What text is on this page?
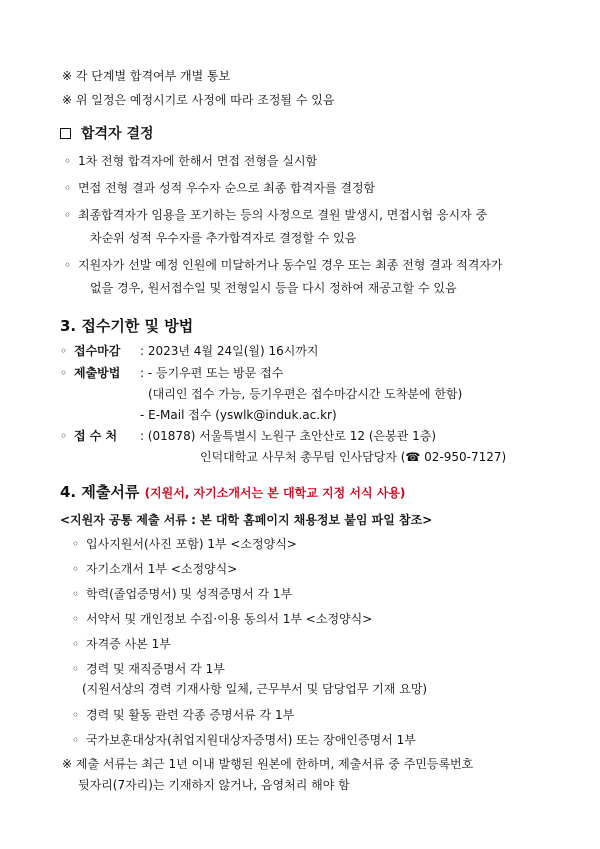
※ 각 단계별 합격여부 개별 통보
※ 위 일정은 예정시기로 사정에 따라 조정될 수 있음
합격자 결정
◦ 1차 전형 합격자에 한해서 면접 전형을 실시함
◦ 면접 전형 결과 성적 우수자 순으로 최종 합격자를 결정함
◦ 최종합격자가 임용을 포기하는 등의 사정으로 결원 발생시, 면접시험 응시자 중
차순위 성적 우수자를 추가합격자로 결정할 수 있음
◦ 지원자가 선발 예정 인원에 미달하거나 동수일 경우 또는 최종 전형 결과 적격자가
없을 경우, 원서접수일 및 전형일시 등을 다시 정하여 재공고할 수 있음
3. 접수기한 및 방법
◦ 접수마감 : 2023년 4월 24일(월) 16시까지
◦ 제출방법 : - 등기우편 또는 방문 접수
(대리인 접수 가능, 등기우편은 접수마감시간 도착분에 한함)
- E-Mail 접수 (yswlk@induk.ac.kr)
◦ 접 수 처 : (01878) 서울특별시 노원구 초안산로 12 (은봉관 1층)
인덕대학교 사무처 총무팀 인사담당자 (☎ 02-950-7127)
4. 제출서류 (지원서, 자기소개서는 본 대학교 지정 서식 사용)
<지원자 공통 제출 서류 : 본 대학 홈페이지 채용정보 붙임 파일 참조>
◦ 입사지원서(사진 포함) 1부 <소정양식>
◦ 자기소개서 1부 <소정양식>
◦ 학력(졸업증명서) 및 성적증명서 각 1부
◦ 서약서 및 개인정보 수집·이용 동의서 1부 <소정양식>
◦ 자격증 사본 1부
◦ 경력 및 재직증명서 각 1부
(지원서상의 경력 기재사항 일체, 근무부서 및 담당업무 기재 요망)
◦ 경력 및 활동 관련 각종 증명서류 각 1부
◦ 국가보훈대상자(취업지원대상자증명서) 또는 장애인증명서 1부
※ 제출 서류는 최근 1년 이내 발행된 원본에 한하며, 제출서류 중 주민등록번호
뒷자리(7자리)는 기재하지 않거나, 음영처리 해야 함
